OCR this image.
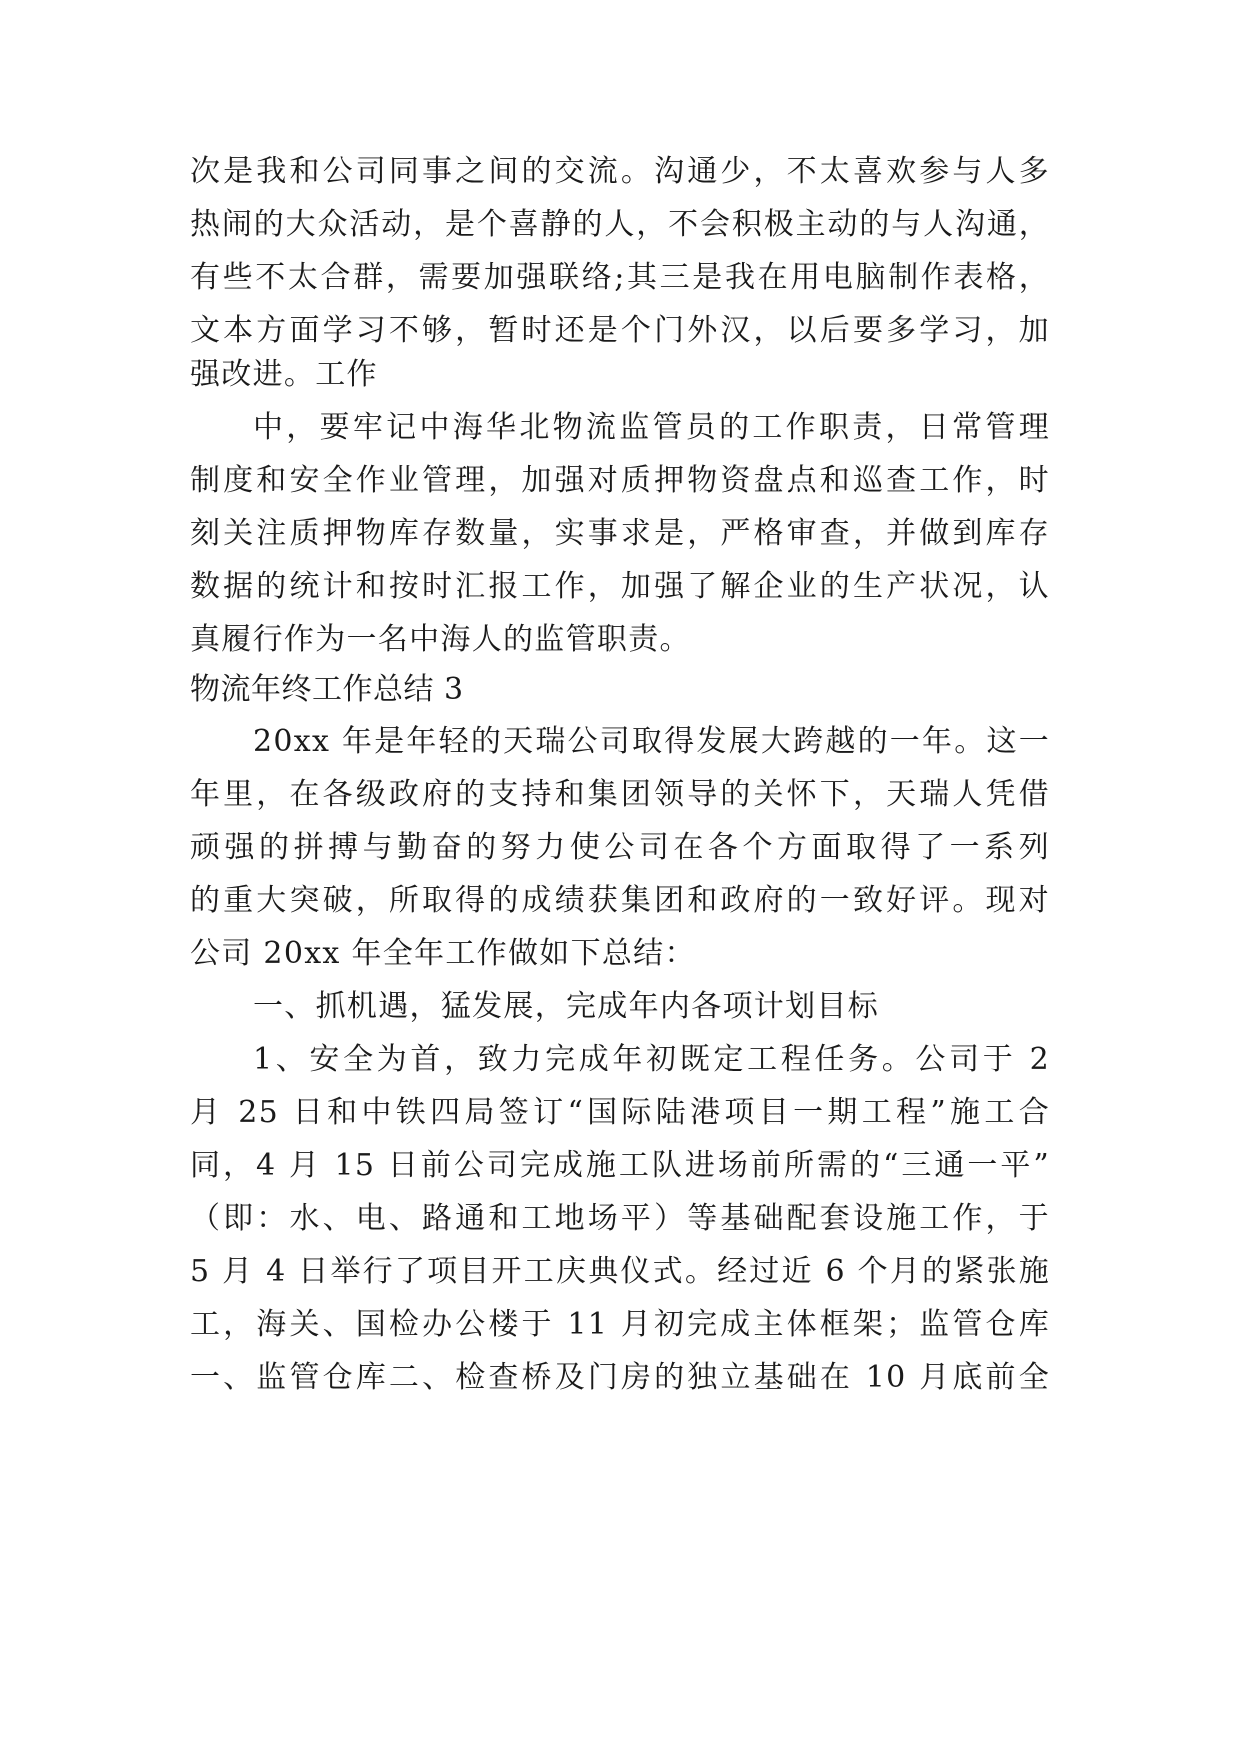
次是我和公司同事之间的交流。沟通少，不太喜欢参与人多
热闹的大众活动，是个喜静的人，不会积极主动的与人沟通，
有些不太合群，需要加强联络;其三是我在用电脑制作表格，
文本方面学习不够，暂时还是个门外汉，以后要多学习，加
强改进。工作
中，要牢记中海华北物流监管员的工作职责，日常管理
制度和安全作业管理，加强对质押物资盘点和巡查工作，时
刻关注质押物库存数量，实事求是，严格审查，并做到库存
数据的统计和按时汇报工作，加强了解企业的生产状况，认
真履行作为一名中海人的监管职责。
物流年终工作总结 3
20xx 年是年轻的天瑞公司取得发展大跨越的一年。这一
年里，在各级政府的支持和集团领导的关怀下，天瑞人凭借
顽强的拼搏与勤奋的努力使公司在各个方面取得了一系列
的重大突破，所取得的成绩获集团和政府的一致好评。现对
公司 20xx 年全年工作做如下总结：
一、抓机遇，猛发展，完成年内各项计划目标
1、安全为首，致力完成年初既定工程任务。公司于 2
月 25 日和中铁四局签订“国际陆港项目一期工程”施工合
同，4 月 15 日前公司完成施工队进场前所需的“三通一平”
（即：水、电、路通和工地场平）等基础配套设施工作，于
5 月 4 日举行了项目开工庆典仪式。经过近 6 个月的紧张施
工，海关、国检办公楼于 11 月初完成主体框架；监管仓库
一、监管仓库二、检查桥及门房的独立基础在 10 月底前全
